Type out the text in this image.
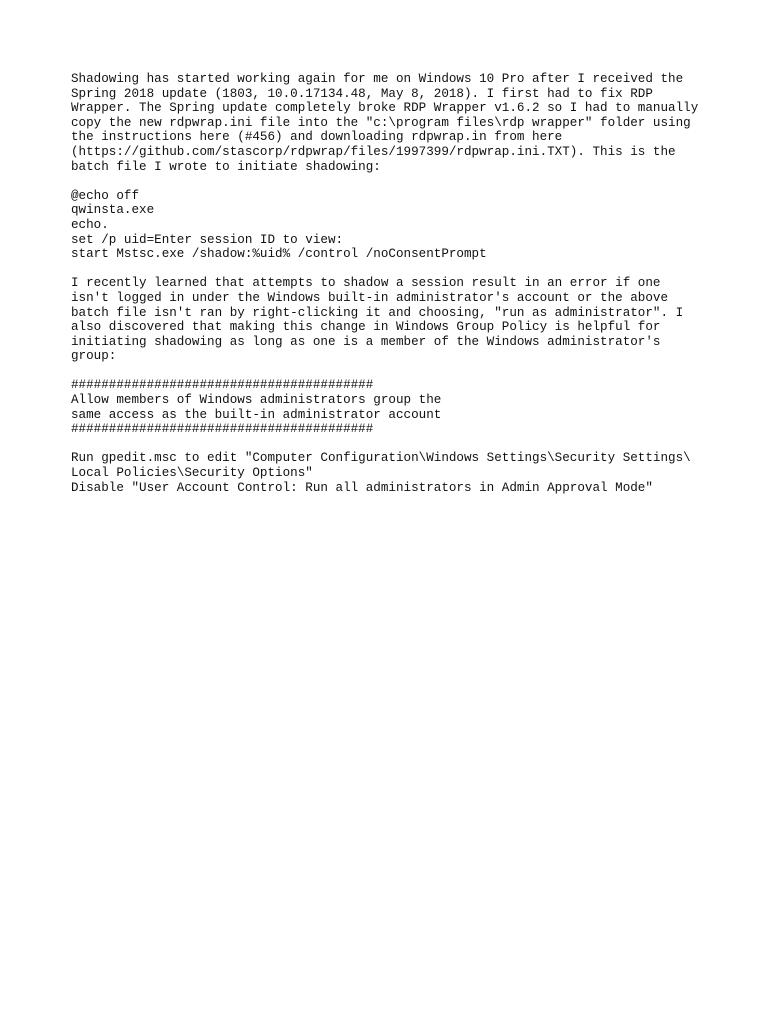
Shadowing has started working again for me on Windows 10 Pro after I received the
Spring 2018 update (1803, 10.0.17134.48, May 8, 2018). I first had to fix RDP
Wrapper. The Spring update completely broke RDP Wrapper v1.6.2 so I had to manually
copy the new rdpwrap.ini file into the "c:\program files\rdp wrapper" folder using
the instructions here (#456) and downloading rdpwrap.in from here
(https://github.com/stascorp/rdpwrap/files/1997399/rdpwrap.ini.TXT). This is the
batch file I wrote to initiate shadowing:
@echo off
qwinsta.exe
echo.
set /p uid=Enter session ID to view:
start Mstsc.exe /shadow:%uid% /control /noConsentPrompt
I recently learned that attempts to shadow a session result in an error if one
isn't logged in under the Windows built-in administrator's account or the above
batch file isn't ran by right-clicking it and choosing, "run as administrator". I
also discovered that making this change in Windows Group Policy is helpful for
initiating shadowing as long as one is a member of the Windows administrator's
group:
########################################
Allow members of Windows administrators group the
same access as the built-in administrator account
########################################
Run gpedit.msc to edit "Computer Configuration\Windows Settings\Security Settings\
Local Policies\Security Options"
Disable "User Account Control: Run all administrators in Admin Approval Mode"
